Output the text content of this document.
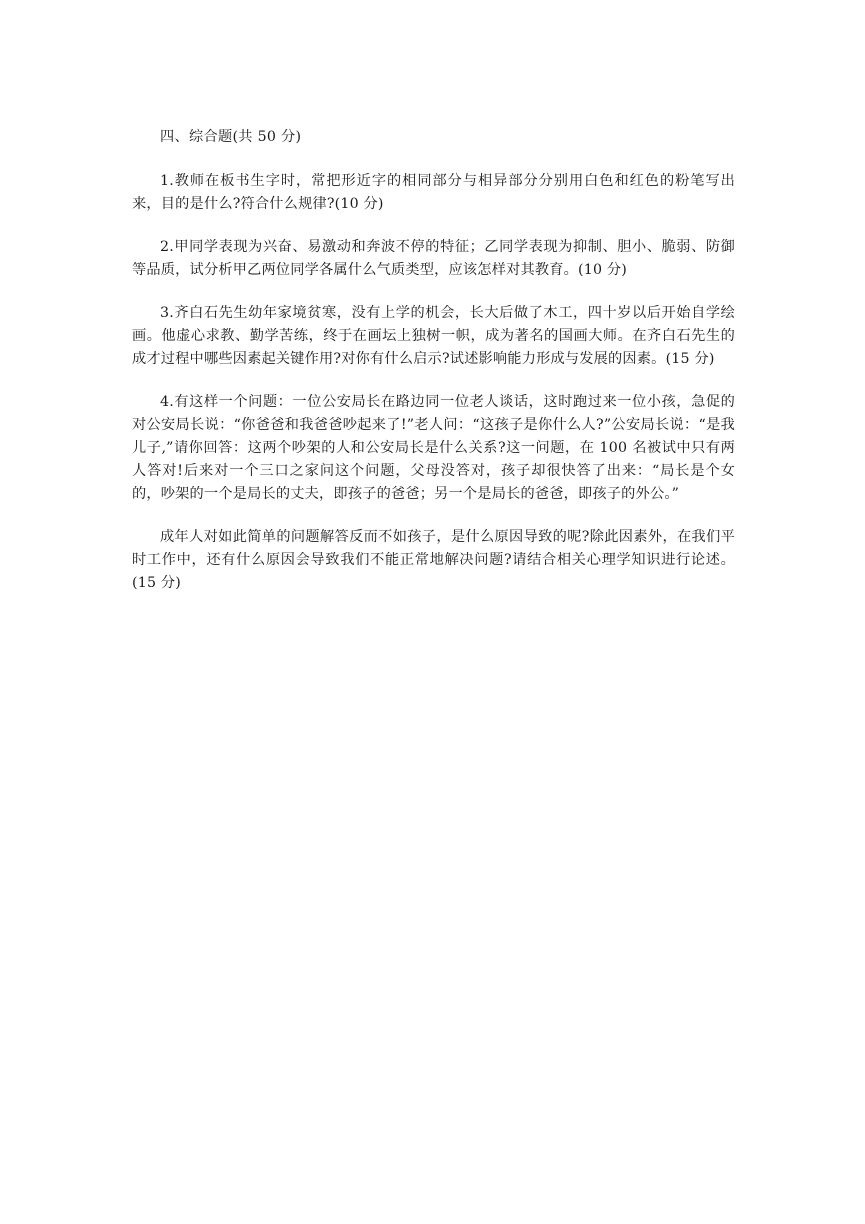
四、综合题(共 50 分)

1.教师在板书生字时，常把形近字的相同部分与相异部分分别用白色和红色的粉笔写出来，目的是什么?符合什么规律?(10 分)

2.甲同学表现为兴奋、易激动和奔波不停的特征；乙同学表现为抑制、胆小、脆弱、防御等品质，试分析甲乙两位同学各属什么气质类型，应该怎样对其教育。(10 分)

3.齐白石先生幼年家境贫寒，没有上学的机会，长大后做了木工，四十岁以后开始自学绘画。他虚心求教、勤学苦练，终于在画坛上独树一帜，成为著名的国画大师。在齐白石先生的成才过程中哪些因素起关键作用?对你有什么启示?试述影响能力形成与发展的因素。(15 分)

4.有这样一个问题：一位公安局长在路边同一位老人谈话，这时跑过来一位小孩，急促的对公安局长说：“你爸爸和我爸爸吵起来了!”老人问：“这孩子是你什么人?”公安局长说：“是我儿子,”请你回答：这两个吵架的人和公安局长是什么关系?这一问题，在 100 名被试中只有两人答对!后来对一个三口之家问这个问题，父母没答对，孩子却很快答了出来：“局长是个女的，吵架的一个是局长的丈夫，即孩子的爸爸；另一个是局长的爸爸，即孩子的外公。”

成年人对如此简单的问题解答反而不如孩子，是什么原因导致的呢?除此因素外，在我们平时工作中，还有什么原因会导致我们不能正常地解决问题?请结合相关心理学知识进行论述。(15 分)
